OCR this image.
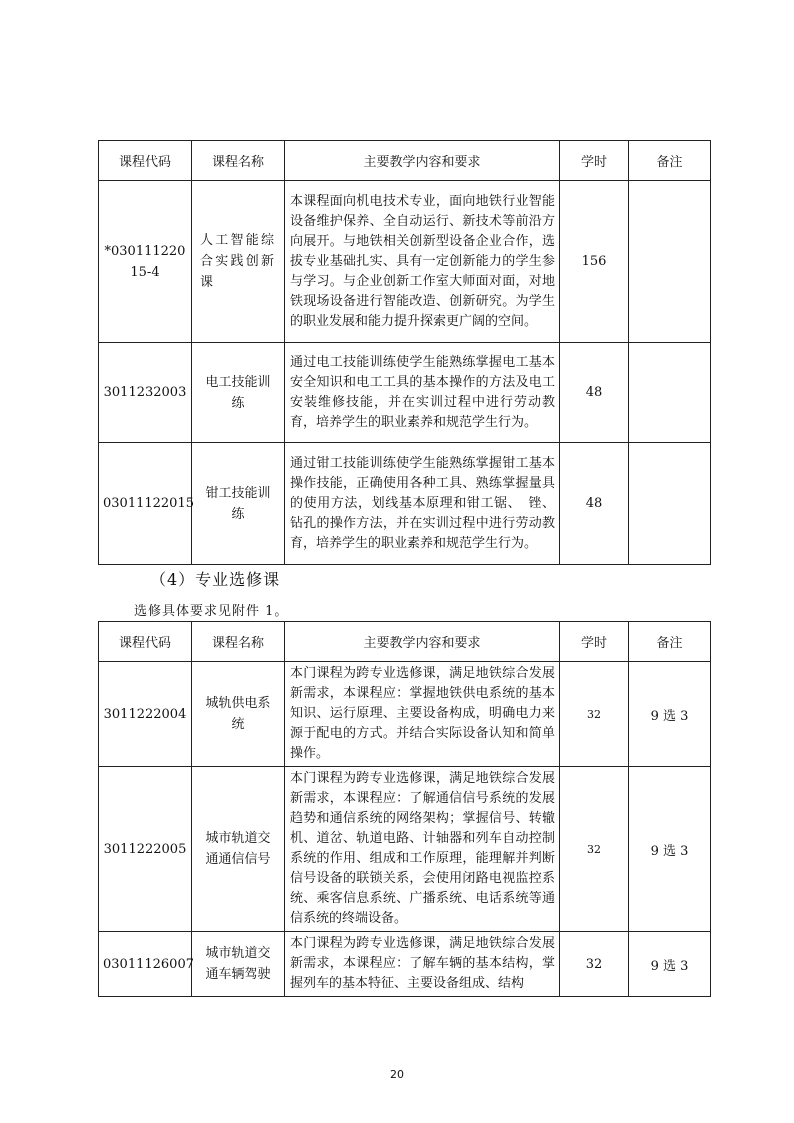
课程代码	课程名称	主要教学内容和要求	学时	备注
*03011122015-4	人工智能综合实践创新课	本课程面向机电技术专业，面向地铁行业智能设备维护保养、全自动运行、新技术等前沿方向展开。与地铁相关创新型设备企业合作，选拔专业基础扎实、具有一定创新能力的学生参与学习。与企业创新工作室大师面对面，对地铁现场设备进行智能改造、创新研究。为学生的职业发展和能力提升探索更广阔的空间。	156	
3011232003	电工技能训练	通过电工技能训练使学生能熟练掌握电工基本安全知识和电工工具的基本操作的方法及电工安装维修技能，并在实训过程中进行劳动教育，培养学生的职业素养和规范学生行为。	48	
03011122015	钳工技能训练	通过钳工技能训练使学生能熟练掌握钳工基本操作技能，正确使用各种工具、熟练掌握量具的使用方法，划线基本原理和钳工锯、　锉、钻孔的操作方法，并在实训过程中进行劳动教育，培养学生的职业素养和规范学生行为。	48	
（4）专业选修课
选修具体要求见附件 1。
课程代码	课程名称	主要教学内容和要求	学时	备注
3011222004	城轨供电系统	本门课程为跨专业选修课，满足地铁综合发展新需求，本课程应：掌握地铁供电系统的基本知识、运行原理、主要设备构成，明确电力来源于配电的方式。并结合实际设备认知和简单操作。	32	9 选 3
3011222005	城市轨道交通通信信号	本门课程为跨专业选修课，满足地铁综合发展新需求，本课程应：了解通信信号系统的发展趋势和通信系统的网络架构；掌握信号、转辙机、道岔、轨道电路、计轴器和列车自动控制系统的作用、组成和工作原理，能理解并判断信号设备的联锁关系，会使用闭路电视监控系统、乘客信息系统、广播系统、电话系统等通信系统的终端设备。	32	9 选 3
03011126007	城市轨道交通车辆驾驶	本门课程为跨专业选修课，满足地铁综合发展新需求，本课程应：了解车辆的基本结构，掌握列车的基本特征、主要设备组成、结构	32	9 选 3
20
